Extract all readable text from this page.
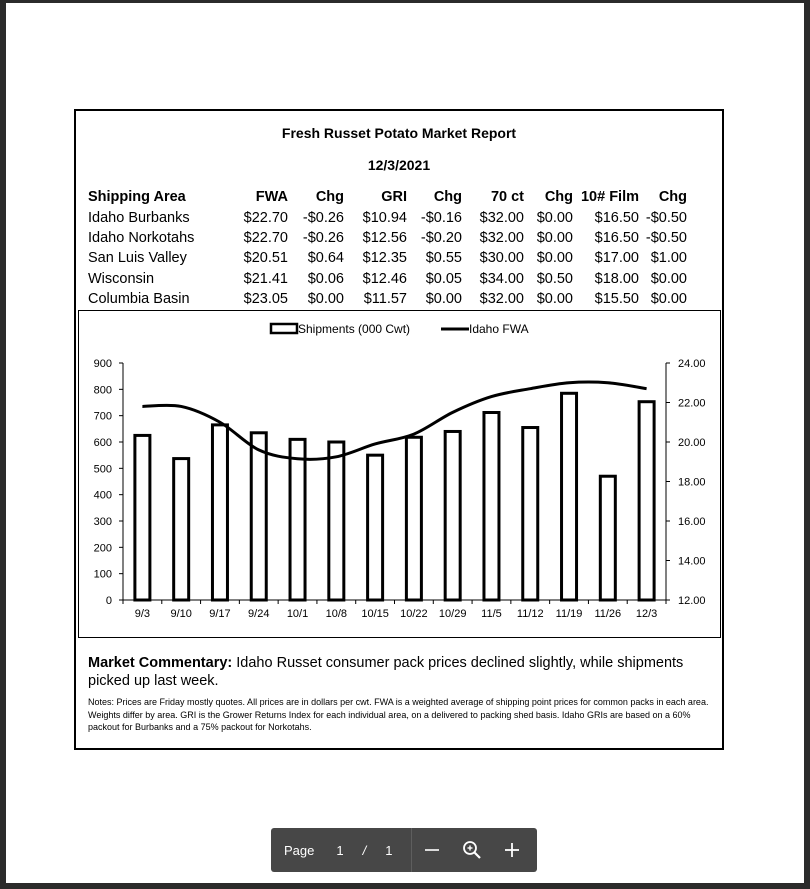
Fresh Russet Potato Market Report
12/3/2021
Shipping Area	FWA	Chg	GRI	Chg	70 ct	Chg	10# Film	Chg
Idaho Burbanks	$22.70	-$0.26	$10.94	-$0.16	$32.00	$0.00	$16.50	-$0.50
Idaho Norkotahs	$22.70	-$0.26	$12.56	-$0.20	$32.00	$0.00	$16.50	-$0.50
San Luis Valley	$20.51	$0.64	$12.35	$0.55	$30.00	$0.00	$17.00	$1.00
Wisconsin	$21.41	$0.06	$12.46	$0.05	$34.00	$0.50	$18.00	$0.00
Columbia Basin	$23.05	$0.00	$11.57	$0.00	$32.00	$0.00	$15.50	$0.00
900
800
700
600
500
400
300
200
100
0
24.00
22.00
20.00
18.00
16.00
14.00
12.00
9/3 9/10 9/17 9/24 10/1 10/8 10/15 10/22 10/29 11/5 11/12 11/19 11/26 12/3
Shipments (000 Cwt)	Idaho FWA
Market Commentary: Idaho Russet consumer pack prices declined slightly, while shipments picked up last week.
Notes: Prices are Friday mostly quotes. All prices are in dollars per cwt. FWA is a weighted average of shipping point prices for common packs in each area. Weights differ by area. GRI is the Grower Returns Index for each individual area, on a delivered to packing shed basis. Idaho GRIs are based on a 60% packout for Burbanks and a 75% packout for Norkotahs.
Page 1 / 1
